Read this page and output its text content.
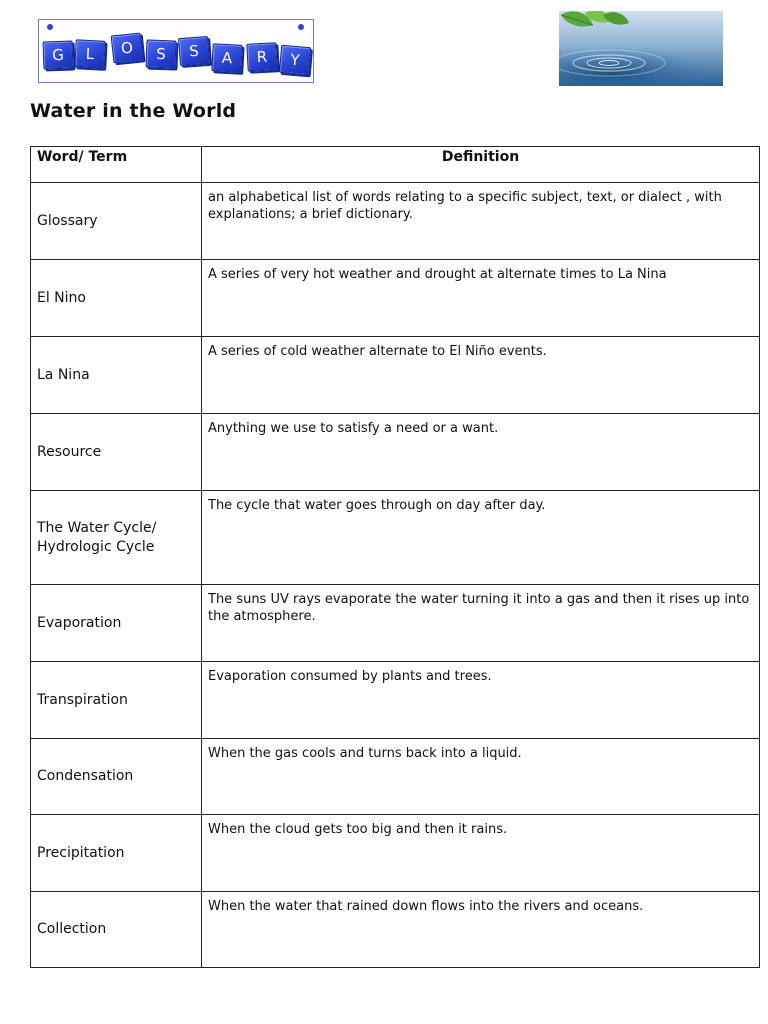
G L O S S A R Y
Water in the World
Word/ Term	Definition
Glossary	an alphabetical list of words relating to a specific subject, text, or dialect , with explanations; a brief dictionary.
El Nino	A series of very hot weather and drought at alternate times to La Nina
La Nina	A series of cold weather alternate to El Niño events.
Resource	Anything we use to satisfy a need or a want.

The Water Cycle/ Hydrologic Cycle	The cycle that water goes through on day after day.
Evaporation	The suns UV rays evaporate the water turning it into a gas and then it rises up into the atmosphere.
Transpiration	Evaporation consumed by plants and trees.
Condensation	When the gas cools and turns back into a liquid.
Precipitation	When the cloud gets too big and then it rains.
Collection	When the water that rained down flows into the rivers and oceans.
